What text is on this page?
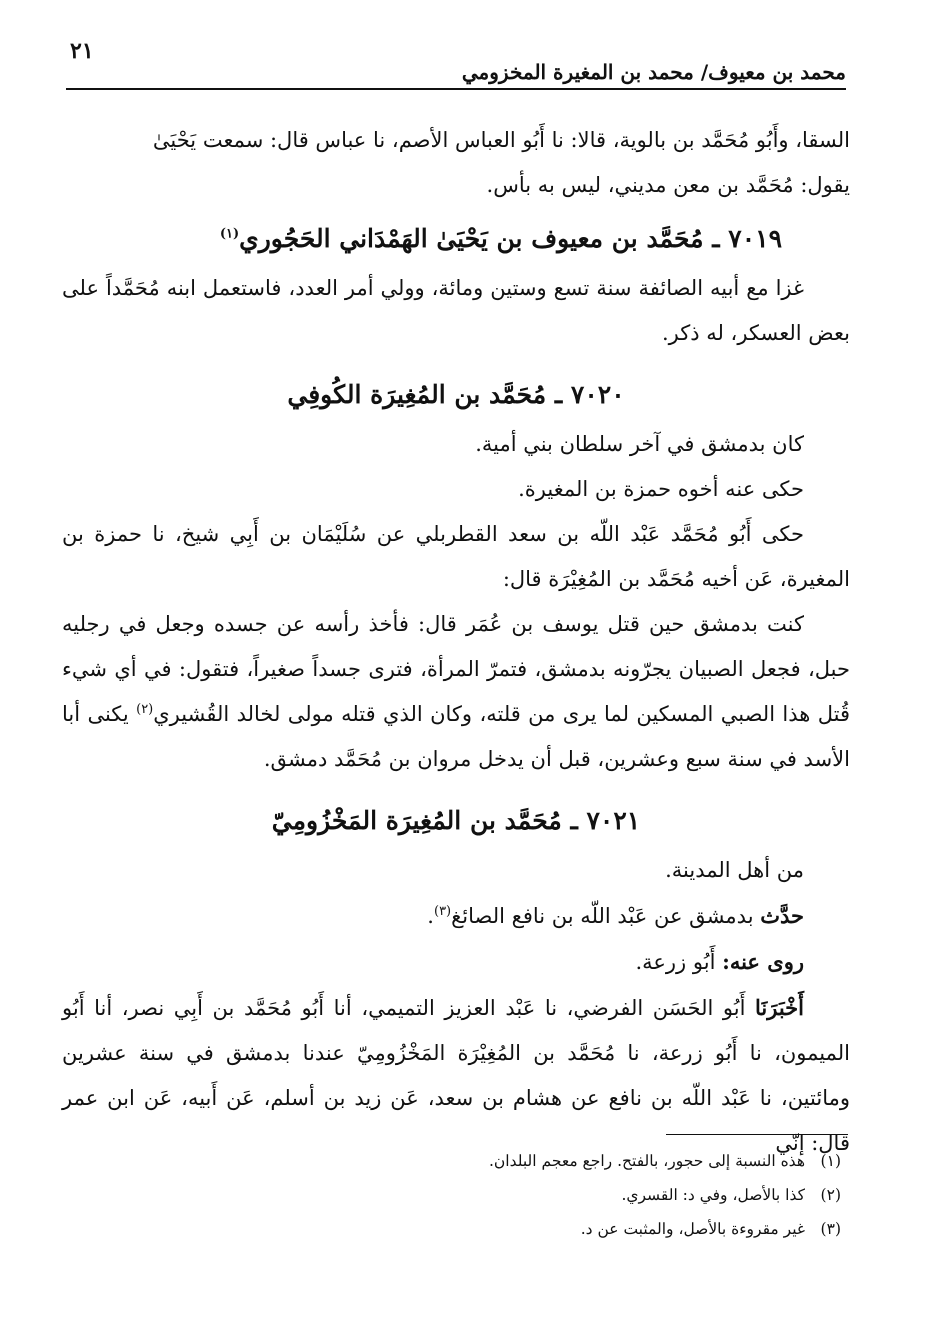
محمد بن معيوف/ محمد بن المغيرة المخزومي
٢١

السقا، وأَبُو مُحَمَّد بن بالوية، قالا: نا أَبُو العباس الأصم، نا عباس قال: سمعت يَحْيَىٰ
يقول: مُحَمَّد بن معن مديني، ليس به بأس.

٧٠١٩ ـ مُحَمَّد بن معيوف بن يَحْيَىٰ الهَمْدَاني الحَجُوري$^{(١)}$

غزا مع أبيه الصائفة سنة تسع وستين ومائة، وولي أمر العدد، فاستعمل ابنه مُحَمَّداً على بعض العسكر، له ذكر.

٧٠٢٠ ـ مُحَمَّد بن المُغِيرَة الكُوفِي

كان بدمشق في آخر سلطان بني أمية.

حكى عنه أخوه حمزة بن المغيرة.

حكى أَبُو مُحَمَّد عَبْد اللّه بن سعد القطربلي عن سُلَيْمَان بن أَبِي شيخ، نا حمزة بن المغيرة، عَن أخيه مُحَمَّد بن المُغِيْرَة قال:

كنت بدمشق حين قتل يوسف بن عُمَر قال: فأخذ رأسه عن جسده وجعل في رجليه حبل، فجعل الصبيان يجرّونه بدمشق، فتمرّ المرأة، فترى جسداً صغيراً، فتقول: في أي شيء قُتل هذا الصبي المسكين لما يرى من قلته، وكان الذي قتله مولى لخالد القُشيري$^{(٢)}$ يكنى أبا الأسد في سنة سبع وعشرين، قبل أن يدخل مروان بن مُحَمَّد دمشق.

٧٠٢١ ـ مُحَمَّد بن المُغِيرَة المَخْزُومِيّ

من أهل المدينة.

حدَّث بدمشق عن عَبْد اللّه بن نافع الصائغ$^{(٣)}$.

روى عنه: أَبُو زرعة.

أَخْبَرَنَا أَبُو الحَسَن الفرضي، نا عَبْد العزيز التميمي، أنا أَبُو مُحَمَّد بن أَبِي نصر، أنا أَبُو الميمون، نا أَبُو زرعة، نا مُحَمَّد بن المُغِيْرَة المَخْزُومِيّ عندنا بدمشق في سنة عشرين ومائتين، نا عَبْد اللّه بن نافع عن هشام بن سعد، عَن زيد بن أسلم، عَن أَبيه، عَن ابن عمر قال: إنّي

(١)هذه النسبة إلى حجور، بالفتح. راجع معجم البلدان.

(٢)كذا بالأصل، وفي د: القسري.

(٣)غير مقروءة بالأصل، والمثبت عن د.
